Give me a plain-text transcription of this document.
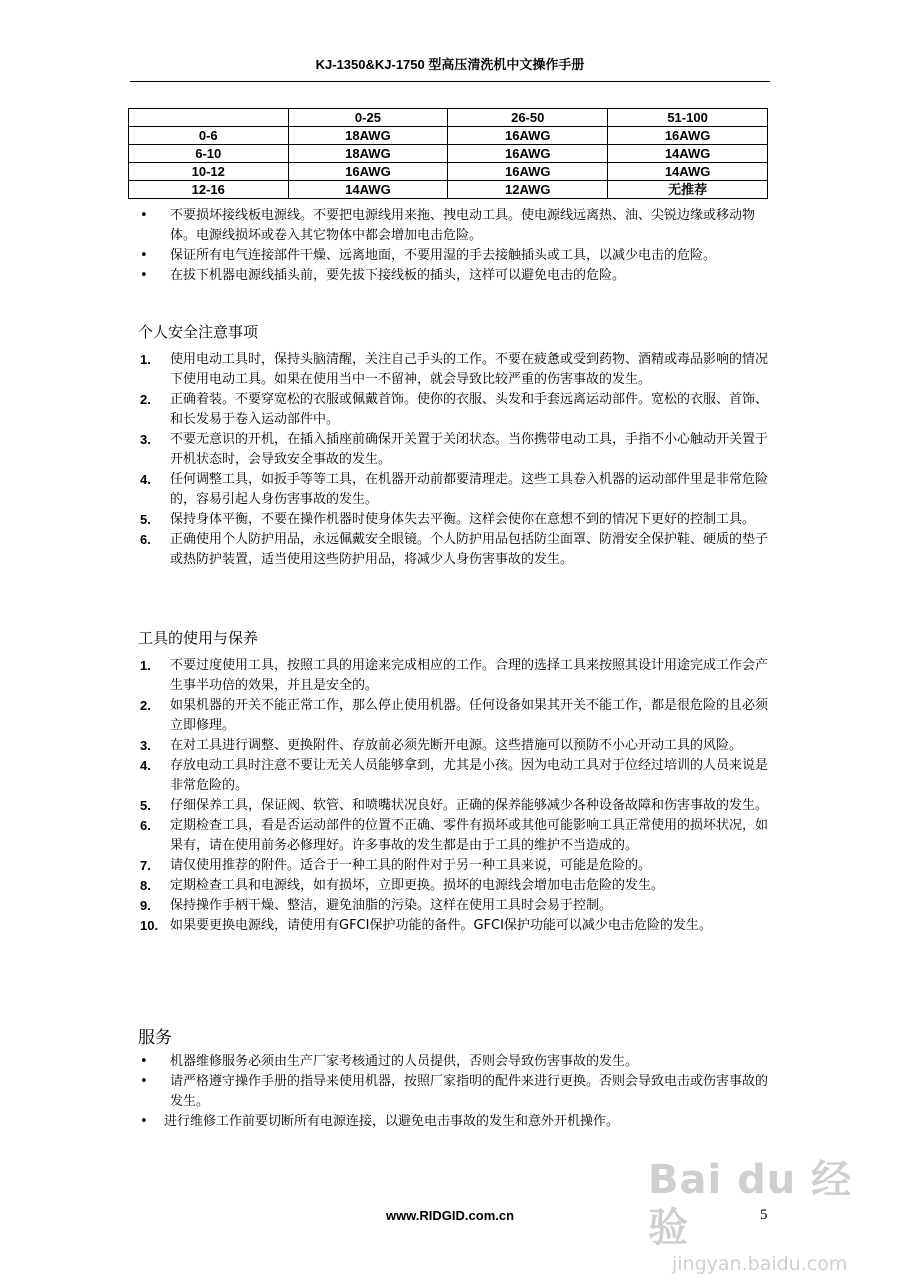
KJ-1350&KJ-1750 型高压清洗机中文操作手册
	0-25	26-50	51-100
0-6	18AWG	16AWG	16AWG
6-10	18AWG	16AWG	14AWG
10-12	16AWG	16AWG	14AWG
12-16	14AWG	12AWG	无推荐
• 不要损坏接线板电源线。不要把电源线用来拖、拽电动工具。使电源线远离热、油、尖锐边缘或移动物体。电源线损坏或卷入其它物体中都会增加电击危险。
• 保证所有电气连接部件干燥、远离地面，不要用湿的手去接触插头或工具，以减少电击的危险。
• 在拔下机器电源线插头前，要先拔下接线板的插头，这样可以避免电击的危险。
个人安全注意事项
1. 使用电动工具时，保持头脑清醒，关注自己手头的工作。不要在疲惫或受到药物、酒精或毒品影响的情况下使用电动工具。如果在使用当中一不留神，就会导致比较严重的伤害事故的发生。
2. 正确着装。不要穿宽松的衣服或佩戴首饰。使你的衣服、头发和手套远离运动部件。宽松的衣服、首饰、和长发易于卷入运动部件中。
3. 不要无意识的开机，在插入插座前确保开关置于关闭状态。当你携带电动工具，手指不小心触动开关置于开机状态时，会导致安全事故的发生。
4. 任何调整工具，如扳手等等工具，在机器开动前都要清理走。这些工具卷入机器的运动部件里是非常危险的，容易引起人身伤害事故的发生。
5. 保持身体平衡，不要在操作机器时使身体失去平衡。这样会使你在意想不到的情况下更好的控制工具。
6. 正确使用个人防护用品，永远佩戴安全眼镜。个人防护用品包括防尘面罩、防滑安全保护鞋、硬质的垫子或热防护装置，适当使用这些防护用品，将减少人身伤害事故的发生。
工具的使用与保养
1. 不要过度使用工具，按照工具的用途来完成相应的工作。合理的选择工具来按照其设计用途完成工作会产生事半功倍的效果，并且是安全的。
2. 如果机器的开关不能正常工作，那么停止使用机器。任何设备如果其开关不能工作，都是很危险的且必须立即修理。
3. 在对工具进行调整、更换附件、存放前必须先断开电源。这些措施可以预防不小心开动工具的风险。
4. 存放电动工具时注意不要让无关人员能够拿到，尤其是小孩。因为电动工具对于位经过培训的人员来说是非常危险的。
5. 仔细保养工具，保证阀、软管、和喷嘴状况良好。正确的保养能够减少各种设备故障和伤害事故的发生。
6. 定期检查工具，看是否运动部件的位置不正确、零件有损坏或其他可能影响工具正常使用的损坏状况，如果有，请在使用前务必修理好。许多事故的发生都是由于工具的维护不当造成的。
7. 请仅使用推荐的附件。适合于一种工具的附件对于另一种工具来说，可能是危险的。
8. 定期检查工具和电源线，如有损坏，立即更换。损坏的电源线会增加电击危险的发生。
9. 保持操作手柄干燥、整洁，避免油脂的污染。这样在使用工具时会易于控制。
10. 如果要更换电源线，请使用有GFCI保护功能的备件。GFCI保护功能可以减少电击危险的发生。
服务
• 机器维修服务必须由生产厂家考核通过的人员提供，否则会导致伤害事故的发生。
• 请严格遵守操作手册的指导来使用机器，按照厂家指明的配件来进行更换。否则会导致电击或伤害事故的发生。
• 进行维修工作前要切断所有电源连接，以避免电击事故的发生和意外开机操作。
www.RIDGID.com.cn	5
Bai du 经验
jingyan.baidu.com
